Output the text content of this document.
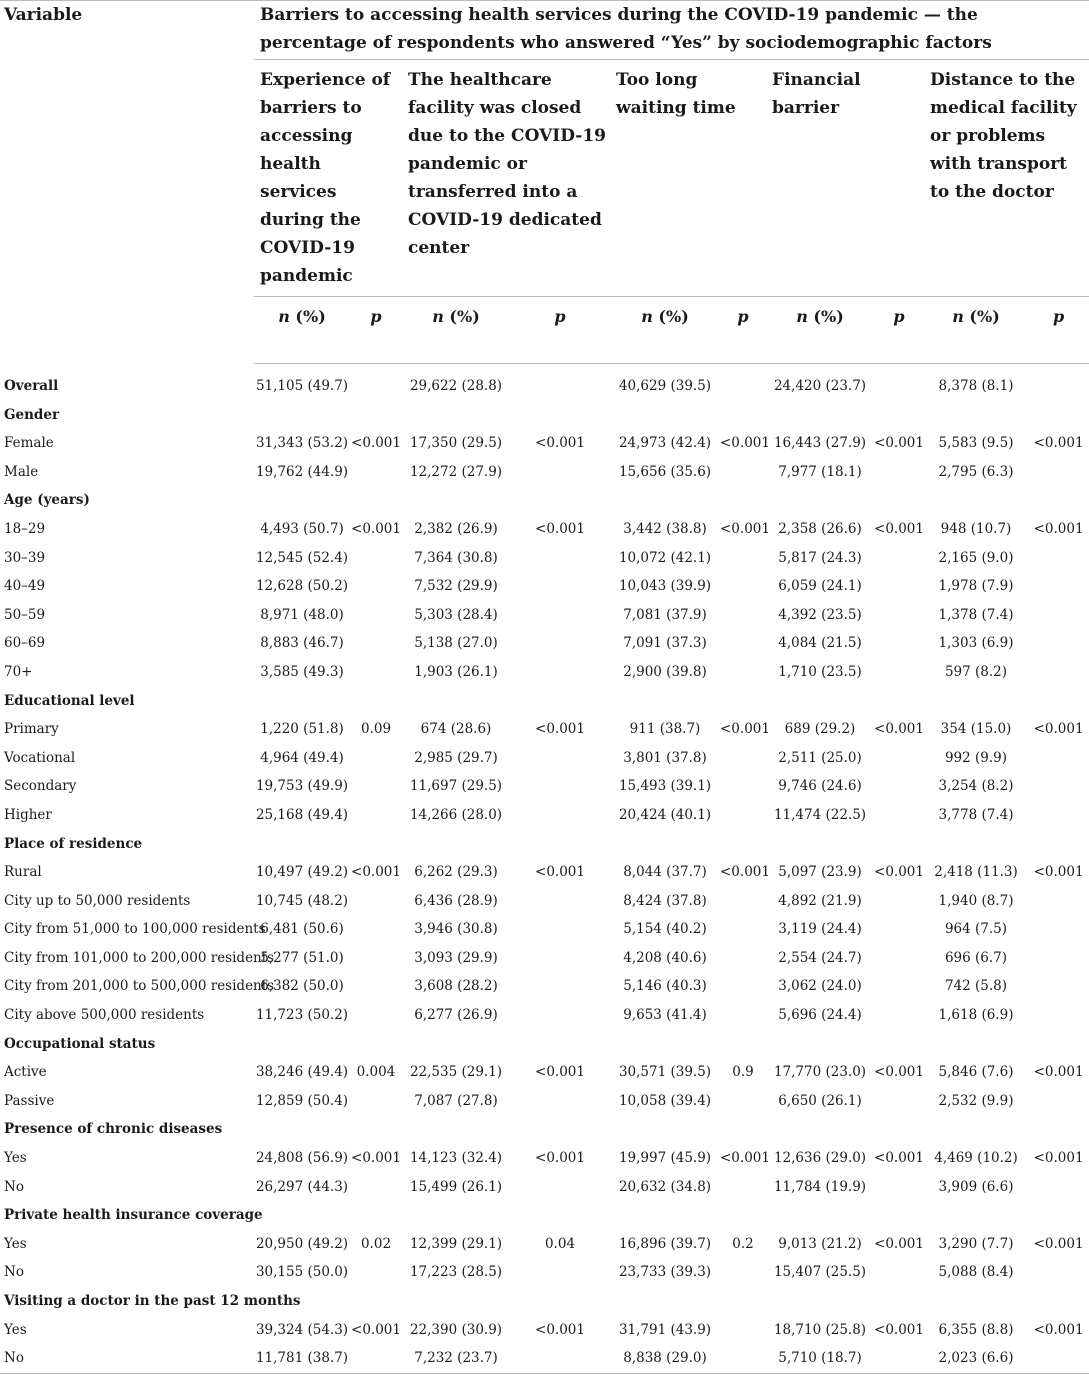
Variable	Barriers to accessing health services during the COVID-19 pandemic — the percentage of respondents who answered “Yes” by sociodemographic factors									
	Experience of barriers to accessing health services during the COVID-19 pandemic		The healthcare facility was closed due to the COVID-19 pandemic or transferred into a COVID-19 dedicated center		Too long waiting time		Financial barrier		Distance to the medical facility or problems with transport to the doctor	
	n (%)	p	n (%)	p	n (%)	p	n (%)	p	n (%)	p
Overall	51,105 (49.7)		29,622 (28.8)		40,629 (39.5)		24,420 (23.7)		8,378 (8.1)	
Gender										
Female	31,343 (53.2)	<0.001	17,350 (29.5)	<0.001	24,973 (42.4)	<0.001	16,443 (27.9)	<0.001	5,583 (9.5)	<0.001
Male	19,762 (44.9)		12,272 (27.9)		15,656 (35.6)		7,977 (18.1)		2,795 (6.3)	
Age (years)										
18–29	4,493 (50.7)	<0.001	2,382 (26.9)	<0.001	3,442 (38.8)	<0.001	2,358 (26.6)	<0.001	948 (10.7)	<0.001
30–39	12,545 (52.4)		7,364 (30.8)		10,072 (42.1)		5,817 (24.3)		2,165 (9.0)	
40–49	12,628 (50.2)		7,532 (29.9)		10,043 (39.9)		6,059 (24.1)		1,978 (7.9)	
50–59	8,971 (48.0)		5,303 (28.4)		7,081 (37.9)		4,392 (23.5)		1,378 (7.4)	
60–69	8,883 (46.7)		5,138 (27.0)		7,091 (37.3)		4,084 (21.5)		1,303 (6.9)	
70+	3,585 (49.3)		1,903 (26.1)		2,900 (39.8)		1,710 (23.5)		597 (8.2)	
Educational level										
Primary	1,220 (51.8)	0.09	674 (28.6)	<0.001	911 (38.7)	<0.001	689 (29.2)	<0.001	354 (15.0)	<0.001
Vocational	4,964 (49.4)		2,985 (29.7)		3,801 (37.8)		2,511 (25.0)		992 (9.9)	
Secondary	19,753 (49.9)		11,697 (29.5)		15,493 (39.1)		9,746 (24.6)		3,254 (8.2)	
Higher	25,168 (49.4)		14,266 (28.0)		20,424 (40.1)		11,474 (22.5)		3,778 (7.4)	
Place of residence										
Rural	10,497 (49.2)	<0.001	6,262 (29.3)	<0.001	8,044 (37.7)	<0.001	5,097 (23.9)	<0.001	2,418 (11.3)	<0.001
City up to 50,000 residents	10,745 (48.2)		6,436 (28.9)		8,424 (37.8)		4,892 (21.9)		1,940 (8.7)	
City from 51,000 to 100,000 residents	6,481 (50.6)		3,946 (30.8)		5,154 (40.2)		3,119 (24.4)		964 (7.5)	
City from 101,000 to 200,000 residents	5,277 (51.0)		3,093 (29.9)		4,208 (40.6)		2,554 (24.7)		696 (6.7)	
City from 201,000 to 500,000 residents	6,382 (50.0)		3,608 (28.2)		5,146 (40.3)		3,062 (24.0)		742 (5.8)	
City above 500,000 residents	11,723 (50.2)		6,277 (26.9)		9,653 (41.4)		5,696 (24.4)		1,618 (6.9)	
Occupational status										
Active	38,246 (49.4)	0.004	22,535 (29.1)	<0.001	30,571 (39.5)	0.9	17,770 (23.0)	<0.001	5,846 (7.6)	<0.001
Passive	12,859 (50.4)		7,087 (27.8)		10,058 (39.4)		6,650 (26.1)		2,532 (9.9)	
Presence of chronic diseases										
Yes	24,808 (56.9)	<0.001	14,123 (32.4)	<0.001	19,997 (45.9)	<0.001	12,636 (29.0)	<0.001	4,469 (10.2)	<0.001
No	26,297 (44.3)		15,499 (26.1)		20,632 (34.8)		11,784 (19.9)		3,909 (6.6)	
Private health insurance coverage										
Yes	20,950 (49.2)	0.02	12,399 (29.1)	0.04	16,896 (39.7)	0.2	9,013 (21.2)	<0.001	3,290 (7.7)	<0.001
No	30,155 (50.0)		17,223 (28.5)		23,733 (39.3)		15,407 (25.5)		5,088 (8.4)	
Visiting a doctor in the past 12 months										
Yes	39,324 (54.3)	<0.001	22,390 (30.9)	<0.001	31,791 (43.9)		18,710 (25.8)	<0.001	6,355 (8.8)	<0.001
No	11,781 (38.7)		7,232 (23.7)		8,838 (29.0)		5,710 (18.7)		2,023 (6.6)	
